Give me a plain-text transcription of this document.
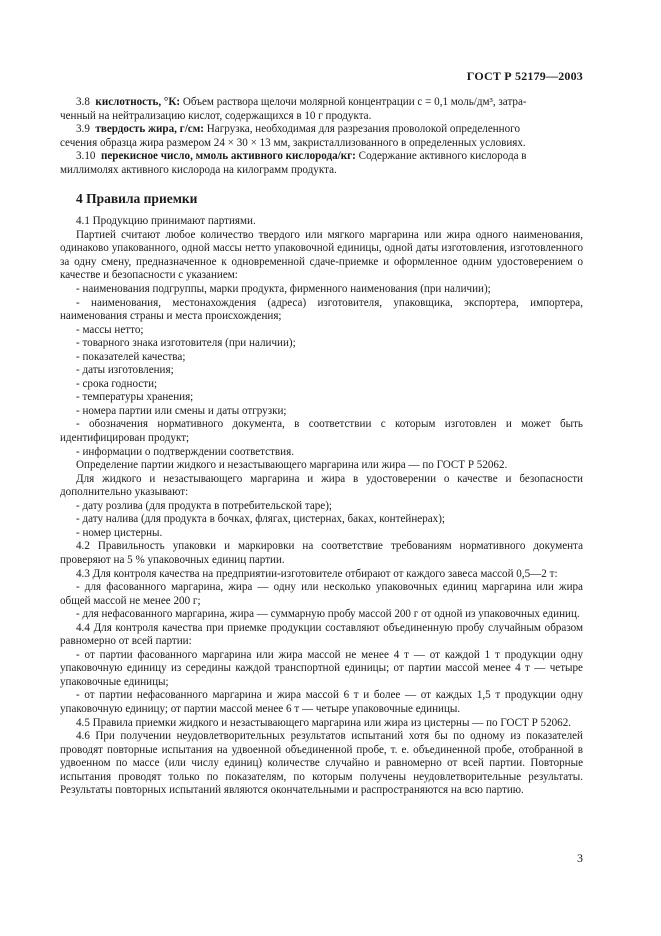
ГОСТ Р 52179—2003

3.8 кислотность, °К: Объем раствора щелочи молярной концентрации с = 0,1 моль/дм³, затра-
ченный на нейтрализацию кислот, содержащихся в 10 г продукта.

3.9 твердость жира, г/см: Нагрузка, необходимая для разрезания проволокой определенного
сечения образца жира размером 24 × 30 × 13 мм, закристаллизованного в определенных условиях.

3.10 перекисное число, ммоль активного кислорода/кг: Содержание активного кислорода в
миллимолях активного кислорода на килограмм продукта.

4 Правила приемки

4.1 Продукцию принимают партиями.

Партией считают любое количество твердого или мягкого маргарина или жира одного наименования, одинаково упакованного, одной массы нетто упаковочной единицы, одной даты изготовления, изготовленного за одну смену, предназначенное к одновременной сдаче-приемке и оформленное одним удостоверением о качестве и безопасности с указанием:

- наименования подгруппы, марки продукта, фирменного наименования (при наличии);

- наименования, местонахождения (адреса) изготовителя, упаковщика, экспортера, импортера, наименования страны и места происхождения;

- массы нетто;

- товарного знака изготовителя (при наличии);

- показателей качества;

- даты изготовления;

- срока годности;

- температуры хранения;

- номера партии или смены и даты отгрузки;

- обозначения нормативного документа, в соответствии с которым изготовлен и может быть идентифицирован продукт;

- информации о подтверждении соответствия.

Определение партии жидкого и незастывающего маргарина или жира — по ГОСТ Р 52062.

Для жидкого и незастывающего маргарина и жира в удостоверении о качестве и безопасности дополнительно указывают:

- дату розлива (для продукта в потребительской таре);

- дату налива (для продукта в бочках, флягах, цистернах, баках, контейнерах);

- номер цистерны.

4.2 Правильность упаковки и маркировки на соответствие требованиям нормативного документа проверяют на 5 % упаковочных единиц партии.

4.3 Для контроля качества на предприятии-изготовителе отбирают от каждого завеса массой 0,5—2 т:

- для фасованного маргарина, жира — одну или несколько упаковочных единиц маргарина или жира общей массой не менее 200 г;

- для нефасованного маргарина, жира — суммарную пробу массой 200 г от одной из упаковочных единиц.

4.4 Для контроля качества при приемке продукции составляют объединенную пробу случайным образом равномерно от всей партии:

- от партии фасованного маргарина или жира массой не менее 4 т — от каждой 1 т продукции одну упаковочную единицу из середины каждой транспортной единицы; от партии массой менее 4 т — четыре упаковочные единицы;

- от партии нефасованного маргарина и жира массой 6 т и более — от каждых 1,5 т продукции одну упаковочную единицу; от партии массой менее 6 т — четыре упаковочные единицы.

4.5 Правила приемки жидкого и незастывающего маргарина или жира из цистерны — по ГОСТ Р 52062.

4.6 При получении неудовлетворительных результатов испытаний хотя бы по одному из показателей проводят повторные испытания на удвоенной объединенной пробе, т. е. объединенной пробе, отобранной в удвоенном по массе (или числу единиц) количестве случайно и равномерно от всей партии. Повторные испытания проводят только по показателям, по которым получены неудовлетворительные результаты. Результаты повторных испытаний являются окончательными и распространяются на всю партию.

3
